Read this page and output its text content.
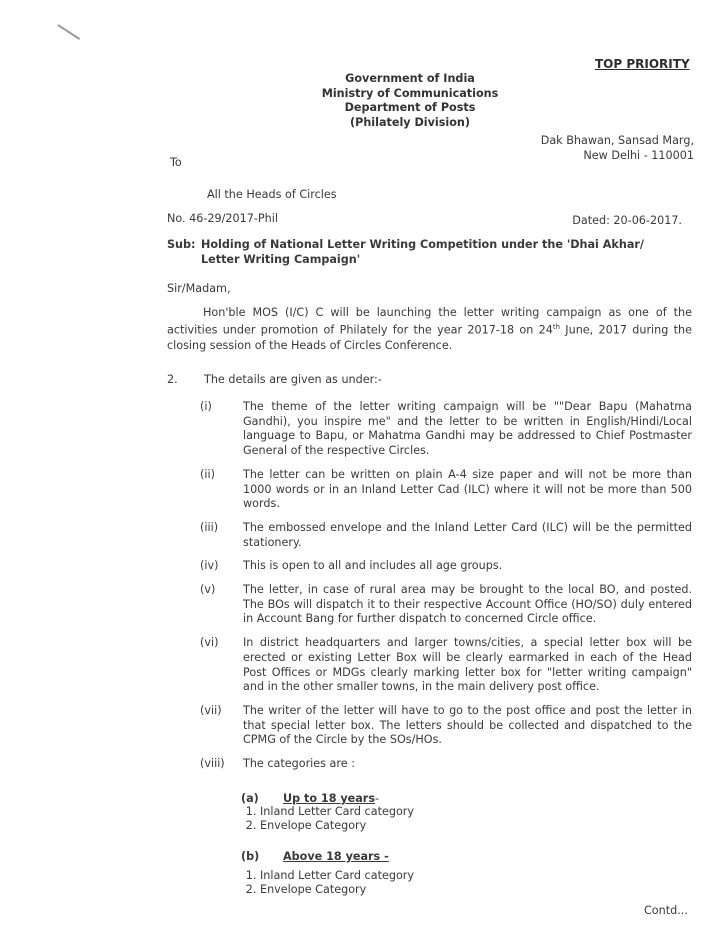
TOP PRIORITY
Government of India
Ministry of Communications
Department of Posts
(Philately Division)
Dak Bhawan, Sansad Marg,
New Delhi - 110001
To
All the Heads of Circles
No. 46-29/2017-Phil	Dated: 20-06-2017.
Sub: Holding of National Letter Writing Competition under the 'Dhai Akhar/
Letter Writing Campaign'
Sir/Madam,
Hon'ble MOS (I/C) C will be launching the letter writing campaign as one of the activities under promotion of Philately for the year 2017-18 on 24th June, 2017 during the closing session of the Heads of Circles Conference.
2. The details are given as under:-
(i)	The theme of the letter writing campaign will be ""Dear Bapu (Mahatma Gandhi), you inspire me" and the letter to be written in English/Hindi/Local language to Bapu, or Mahatma Gandhi may be addressed to Chief Postmaster General of the respective Circles.
(ii)	The letter can be written on plain A-4 size paper and will not be more than 1000 words or in an Inland Letter Cad (ILC) where it will not be more than 500 words.
(iii)	The embossed envelope and the Inland Letter Card (ILC) will be the permitted stationery.
(iv)	This is open to all and includes all age groups.
(v)	The letter, in case of rural area may be brought to the local BO, and posted. The BOs will dispatch it to their respective Account Office (HO/SO) duly entered in Account Bang for further dispatch to concerned Circle office.
(vi)	In district headquarters and larger towns/cities, a special letter box will be erected or existing Letter Box will be clearly earmarked in each of the Head Post Offices or MDGs clearly marking letter box for "letter writing campaign" and in the other smaller towns, in the main delivery post office.
(vii)	The writer of the letter will have to go to the post office and post the letter in that special letter box. The letters should be collected and dispatched to the CPMG of the Circle by the SOs/HOs.
(viii)	The categories are :
(a) Up to 18 years-
1. Inland Letter Card category
2. Envelope Category
(b) Above 18 years -
1. Inland Letter Card category
2. Envelope Category
Contd...
